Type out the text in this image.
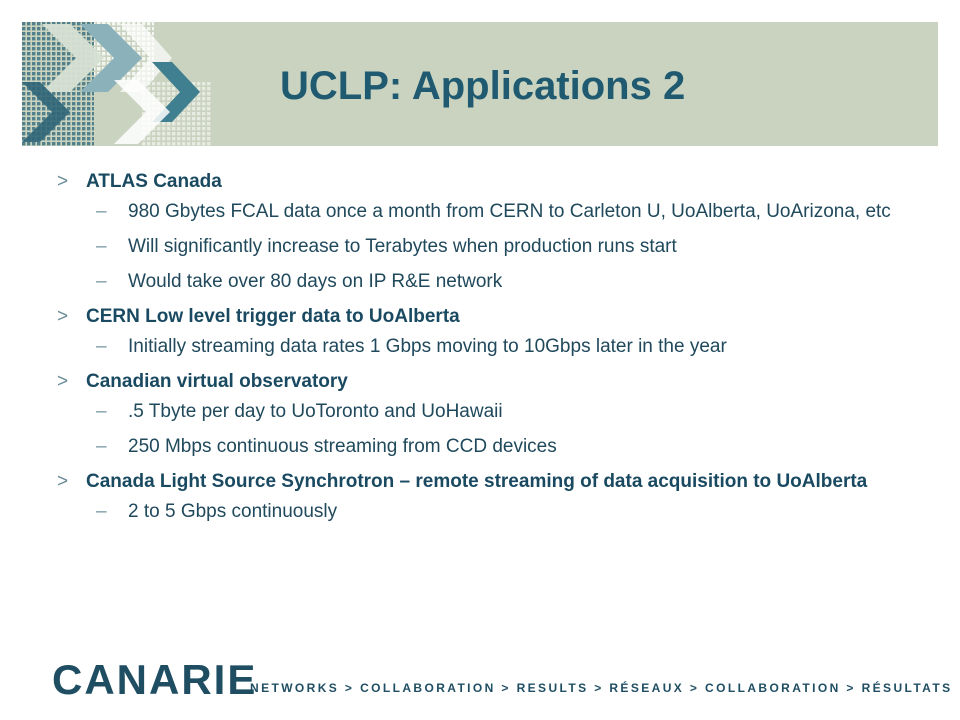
UCLP: Applications 2
> ATLAS Canada
– 980 Gbytes FCAL data once a month from CERN to Carleton U, UoAlberta, UoArizona, etc
– Will significantly increase to Terabytes when production runs start
– Would take over 80 days on IP R&E network
> CERN Low level trigger data to UoAlberta
– Initially streaming data rates 1 Gbps moving to 10Gbps later in the year
> Canadian virtual observatory
– .5 Tbyte per day to UoToronto and UoHawaii
– 250 Mbps continuous streaming from CCD devices
> Canada Light Source Synchrotron – remote streaming of data acquisition to UoAlberta
– 2 to 5 Gbps continuously
CANARIE
NETWORKS > COLLABORATION > RESULTS > RÉSEAUX > COLLABORATION > RÉSULTATS
